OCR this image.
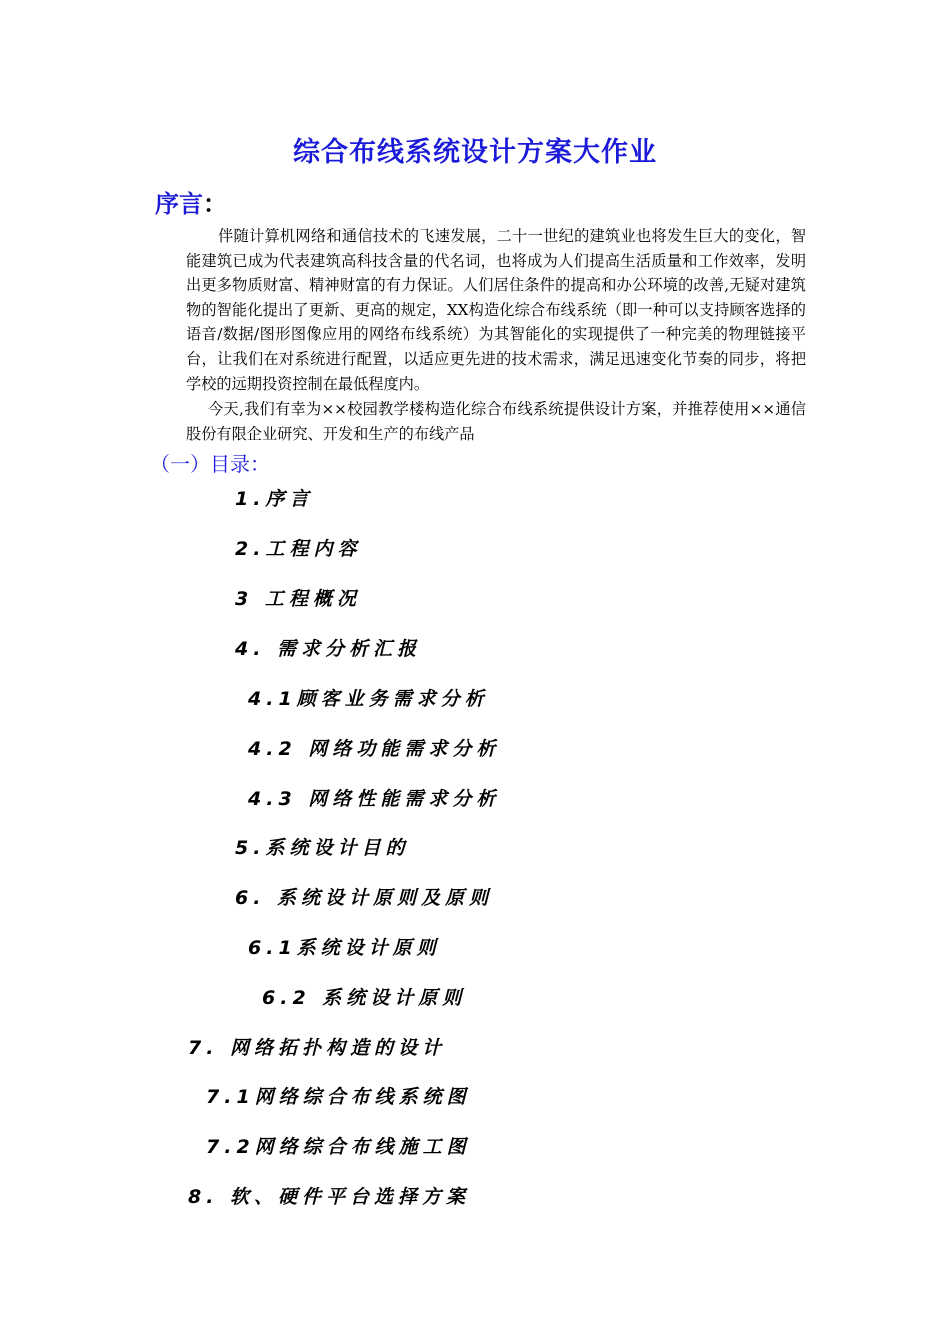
综合布线系统设计方案大作业
序言：
伴随计算机网络和通信技术的飞速发展，二十一世纪的建筑业也将发生巨大的变化，智能建筑已成为代表建筑高科技含量的代名词，也将成为人们提高生活质量和工作效率，发明出更多物质财富、精神财富的有力保证。人们居住条件的提高和办公环境的改善,无疑对建筑物的智能化提出了更新、更高的规定，XX构造化综合布线系统（即一种可以支持顾客选择的语音/数据/图形图像应用的网络布线系统）为其智能化的实现提供了一种完美的物理链接平台，让我们在对系统进行配置，以适应更先进的技术需求，满足迅速变化节奏的同步，将把学校的远期投资控制在最低程度内。
今天,我们有幸为××校园教学楼构造化综合布线系统提供设计方案，并推荐使用××通信股份有限企业研究、开发和生产的布线产品
（一）目录：
1.序言
2.工程内容
3 工程概况
4. 需求分析汇报
4.1顾客业务需求分析
4.2 网络功能需求分析
4.3 网络性能需求分析
5.系统设计目的
6. 系统设计原则及原则
6.1系统设计原则
6.2 系统设计原则
7. 网络拓扑构造的设计
7.1网络综合布线系统图
7.2网络综合布线施工图
8. 软、硬件平台选择方案
